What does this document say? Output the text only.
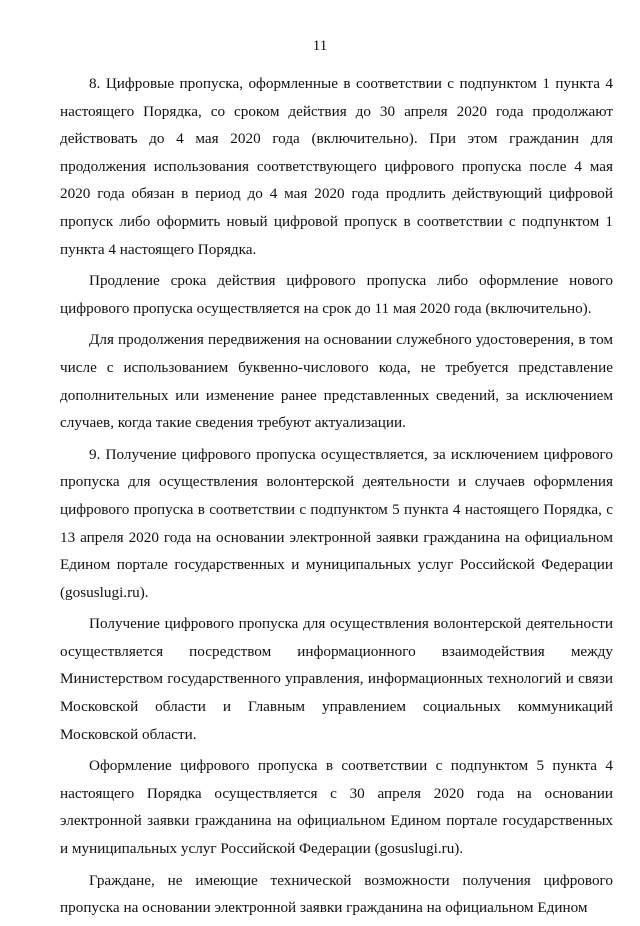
11

8. Цифровые пропуска, оформленные в соответствии с подпунктом 1 пункта 4 настоящего Порядка, со сроком действия до 30 апреля 2020 года продолжают действовать до 4 мая 2020 года (включительно). При этом гражданин для продолжения использования соответствующего цифрового пропуска после 4 мая 2020 года обязан в период до 4 мая 2020 года продлить действующий цифровой пропуск либо оформить новый цифровой пропуск в соответствии с подпунктом 1 пункта 4 настоящего Порядка.

Продление срока действия цифрового пропуска либо оформление нового цифрового пропуска осуществляется на срок до 11 мая 2020 года (включительно).

Для продолжения передвижения на основании служебного удостоверения, в том числе с использованием буквенно-числового кода, не требуется представление дополнительных или изменение ранее представленных сведений, за исключением случаев, когда такие сведения требуют актуализации.

9. Получение цифрового пропуска осуществляется, за исключением цифрового пропуска для осуществления волонтерской деятельности и случаев оформления цифрового пропуска в соответствии с подпунктом 5 пункта 4 настоящего Порядка, с 13 апреля 2020 года на основании электронной заявки гражданина на официальном Едином портале государственных и муниципальных услуг Российской Федерации (gosuslugi.ru).

Получение цифрового пропуска для осуществления волонтерской деятельности осуществляется посредством информационного взаимодействия между Министерством государственного управления, информационных технологий и связи Московской области и Главным управлением социальных коммуникаций Московской области.

Оформление цифрового пропуска в соответствии с подпунктом 5 пункта 4 настоящего Порядка осуществляется с 30 апреля 2020 года на основании электронной заявки гражданина на официальном Едином портале государственных и муниципальных услуг Российской Федерации (gosuslugi.ru).

Граждане, не имеющие технической возможности получения цифрового пропуска на основании электронной заявки гражданина на официальном Едином
